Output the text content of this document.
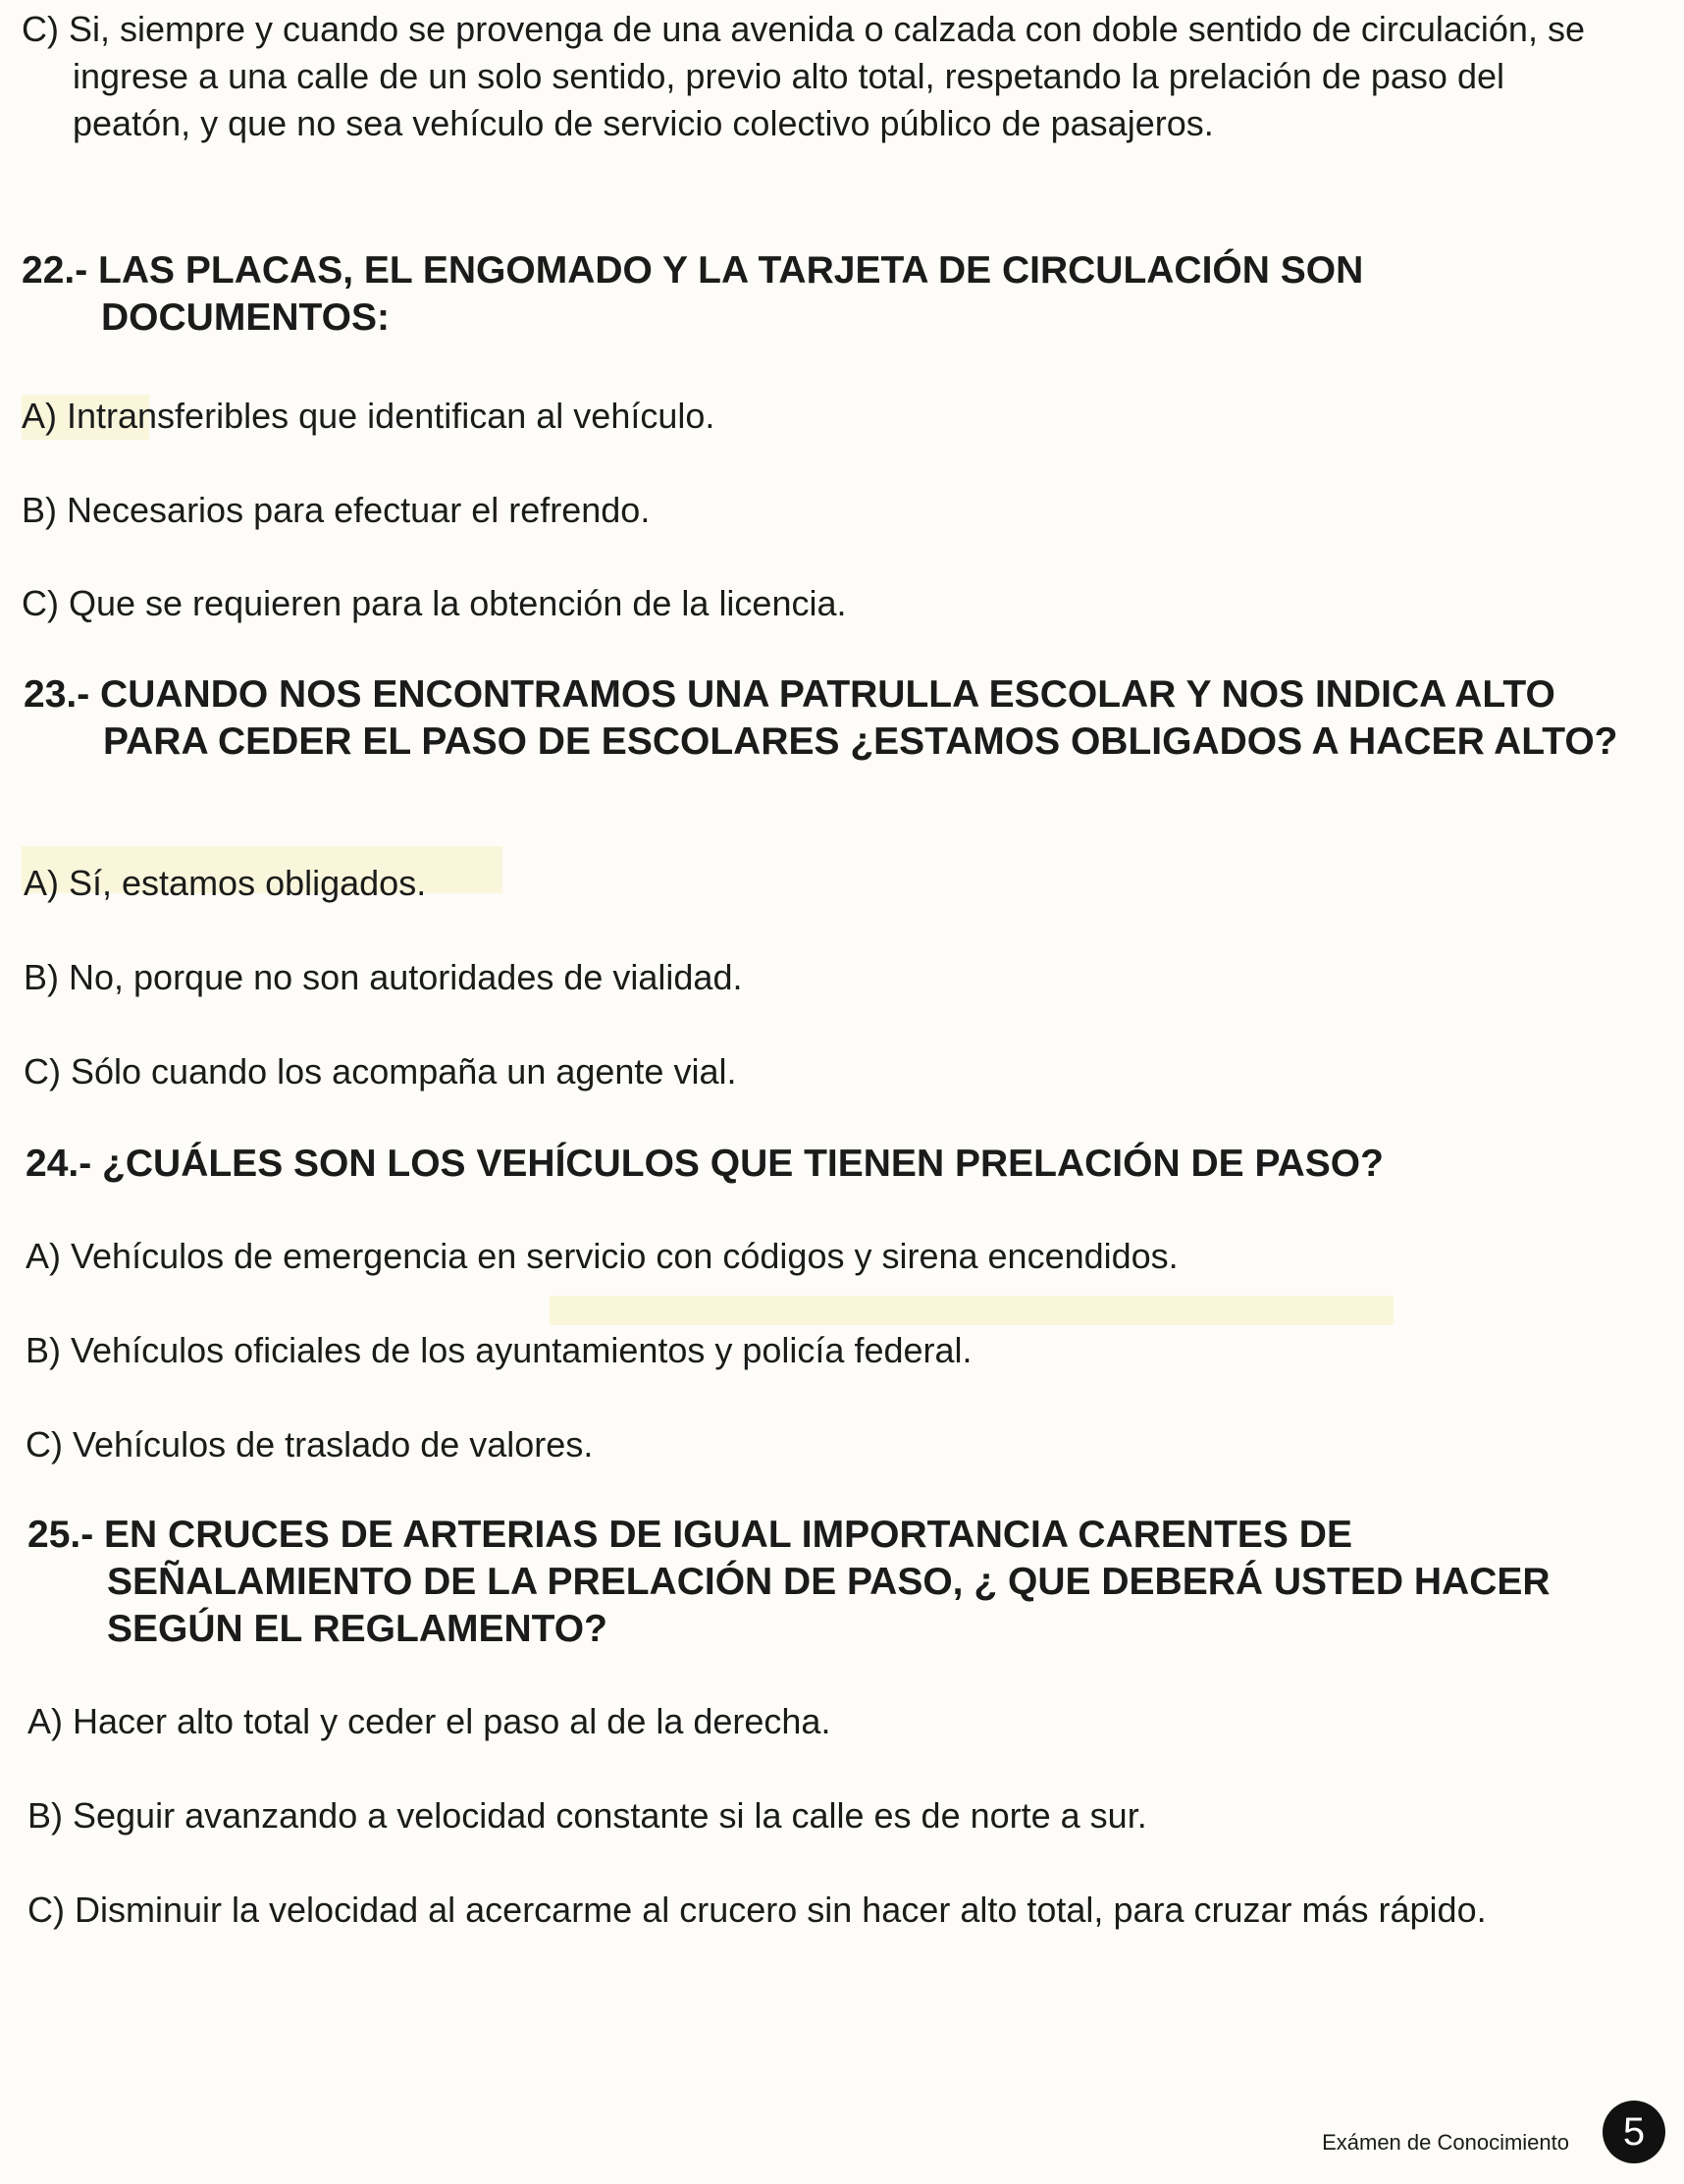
C) Si, siempre y cuando se provenga de una avenida o calzada con doble sentido de circulación, se ingrese a una calle de un solo sentido, previo alto total, respetando la prelación de paso del peatón, y que no sea vehículo de servicio colectivo público de pasajeros.
22.- LAS PLACAS, EL ENGOMADO Y LA TARJETA DE CIRCULACIÓN SON DOCUMENTOS:
A) Intransferibles que identifican al vehículo.
B) Necesarios para efectuar el refrendo.
C) Que se requieren para la obtención de la licencia.
23.- CUANDO NOS ENCONTRAMOS UNA PATRULLA ESCOLAR Y NOS INDICA ALTO PARA CEDER EL PASO DE ESCOLARES ¿ESTAMOS OBLIGADOS A HACER ALTO?
A) Sí, estamos obligados.
B) No, porque no son autoridades de vialidad.
C) Sólo cuando los acompaña un agente vial.
24.- ¿CUÁLES SON LOS VEHÍCULOS QUE TIENEN PRELACIÓN DE PASO?
A) Vehículos de emergencia en servicio con códigos y sirena encendidos.
B) Vehículos oficiales de los ayuntamientos y policía federal.
C) Vehículos de traslado de valores.
25.- EN CRUCES DE ARTERIAS DE IGUAL IMPORTANCIA CARENTES DE SEÑALAMIENTO DE LA PRELACIÓN DE PASO, ¿ QUE DEBERÁ USTED HACER SEGÚN EL REGLAMENTO?
A) Hacer alto total y ceder el paso al de la derecha.
B) Seguir avanzando a velocidad constante si la calle es de norte a sur.
C) Disminuir la velocidad al acercarme al crucero sin hacer alto total, para cruzar más rápido.
Exámen de Conocimiento	5
